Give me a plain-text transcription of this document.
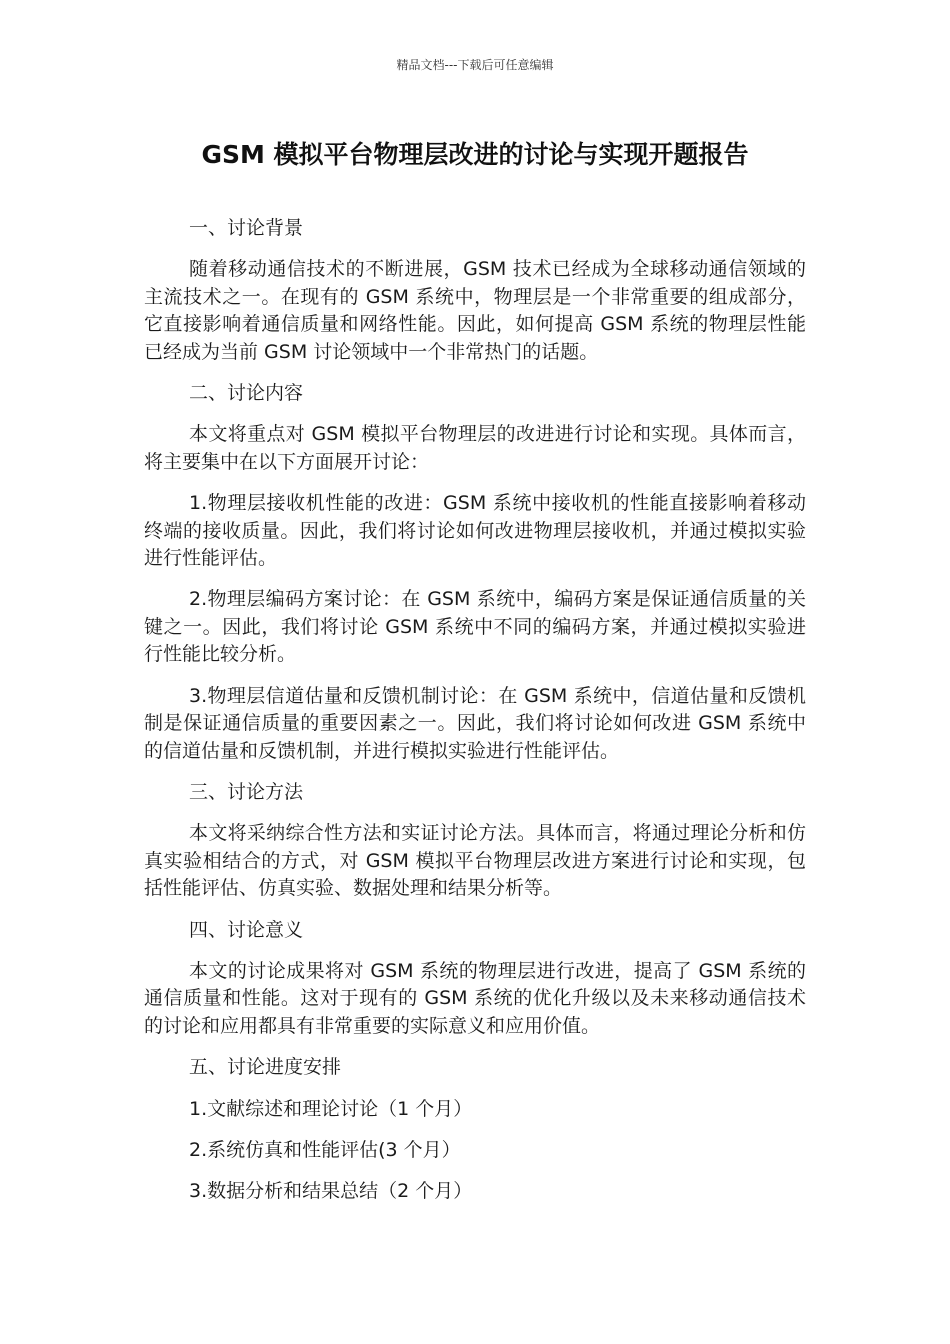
精品文档---下载后可任意编辑
GSM 模拟平台物理层改进的讨论与实现开题报告
一、讨论背景
随着移动通信技术的不断进展，GSM 技术已经成为全球移动通信领域的主流技术之一。在现有的 GSM 系统中，物理层是一个非常重要的组成部分，它直接影响着通信质量和网络性能。因此，如何提高 GSM 系统的物理层性能已经成为当前 GSM 讨论领域中一个非常热门的话题。
二、讨论内容
本文将重点对 GSM 模拟平台物理层的改进进行讨论和实现。具体而言，将主要集中在以下方面展开讨论：
1.物理层接收机性能的改进：GSM 系统中接收机的性能直接影响着移动终端的接收质量。因此，我们将讨论如何改进物理层接收机，并通过模拟实验进行性能评估。
2.物理层编码方案讨论：在 GSM 系统中，编码方案是保证通信质量的关键之一。因此，我们将讨论 GSM 系统中不同的编码方案，并通过模拟实验进行性能比较分析。
3.物理层信道估量和反馈机制讨论：在 GSM 系统中，信道估量和反馈机制是保证通信质量的重要因素之一。因此，我们将讨论如何改进 GSM 系统中的信道估量和反馈机制，并进行模拟实验进行性能评估。
三、讨论方法
本文将采纳综合性方法和实证讨论方法。具体而言，将通过理论分析和仿真实验相结合的方式，对 GSM 模拟平台物理层改进方案进行讨论和实现，包括性能评估、仿真实验、数据处理和结果分析等。
四、讨论意义
本文的讨论成果将对 GSM 系统的物理层进行改进，提高了 GSM 系统的通信质量和性能。这对于现有的 GSM 系统的优化升级以及未来移动通信技术的讨论和应用都具有非常重要的实际意义和应用价值。
五、讨论进度安排
1.文献综述和理论讨论（1 个月）
2.系统仿真和性能评估(3 个月）
3.数据分析和结果总结（2 个月）
